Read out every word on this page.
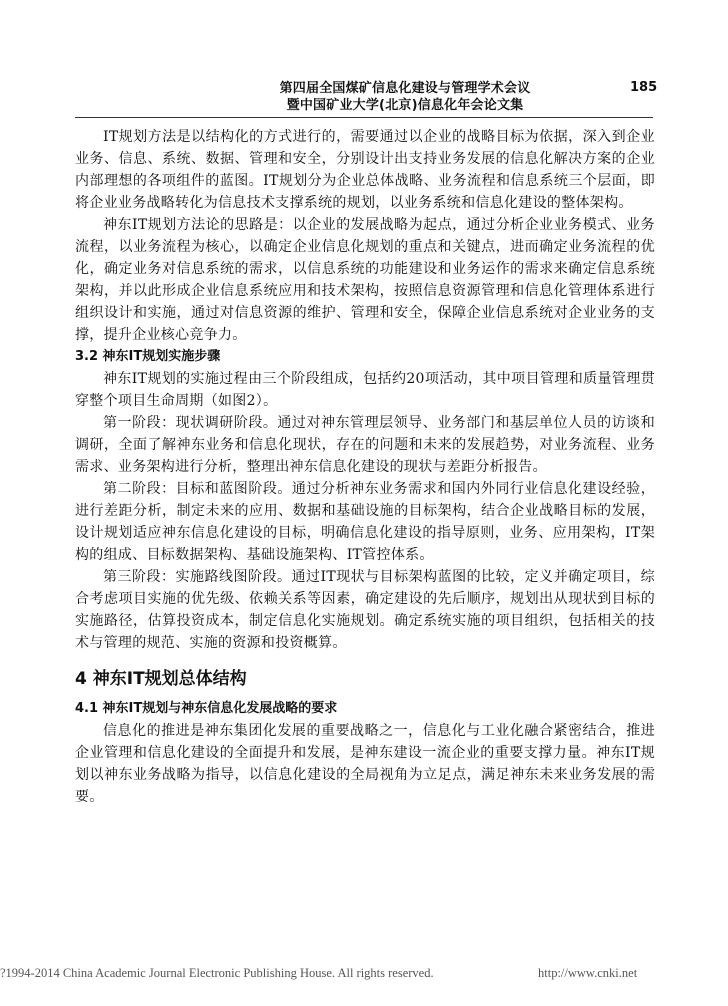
第四届全国煤矿信息化建设与管理学术会议
暨中国矿业大学(北京)信息化年会论文集
185

IT规划方法是以结构化的方式进行的，需要通过以企业的战略目标为依据，深入到企业业务、信息、系统、数据、管理和安全，分别设计出支持业务发展的信息化解决方案的企业内部理想的各项组件的蓝图。IT规划分为企业总体战略、业务流程和信息系统三个层面，即将企业业务战略转化为信息技术支撑系统的规划，以业务系统和信息化建设的整体架构。

神东IT规划方法论的思路是：以企业的发展战略为起点，通过分析企业业务模式、业务流程，以业务流程为核心，以确定企业信息化规划的重点和关键点，进而确定业务流程的优化，确定业务对信息系统的需求，以信息系统的功能建设和业务运作的需求来确定信息系统架构，并以此形成企业信息系统应用和技术架构，按照信息资源管理和信息化管理体系进行组织设计和实施，通过对信息资源的维护、管理和安全，保障企业信息系统对企业业务的支撑，提升企业核心竞争力。

3.2 神东IT规划实施步骤

神东IT规划的实施过程由三个阶段组成，包括约20项活动，其中项目管理和质量管理贯穿整个项目生命周期（如图2）。

第一阶段：现状调研阶段。通过对神东管理层领导、业务部门和基层单位人员的访谈和调研，全面了解神东业务和信息化现状，存在的问题和未来的发展趋势，对业务流程、业务需求、业务架构进行分析，整理出神东信息化建设的现状与差距分析报告。

第二阶段：目标和蓝图阶段。通过分析神东业务需求和国内外同行业信息化建设经验，进行差距分析，制定未来的应用、数据和基础设施的目标架构，结合企业战略目标的发展，设计规划适应神东信息化建设的目标，明确信息化建设的指导原则，业务、应用架构，IT架构的组成、目标数据架构、基础设施架构、IT管控体系。

第三阶段：实施路线图阶段。通过IT现状与目标架构蓝图的比较，定义并确定项目，综合考虑项目实施的优先级、依赖关系等因素，确定建设的先后顺序，规划出从现状到目标的实施路径，估算投资成本，制定信息化实施规划。确定系统实施的项目组织，包括相关的技术与管理的规范、实施的资源和投资概算。

4 神东IT规划总体结构

4.1 神东IT规划与神东信息化发展战略的要求

信息化的推进是神东集团化发展的重要战略之一，信息化与工业化融合紧密结合，推进企业管理和信息化建设的全面提升和发展，是神东建设一流企业的重要支撑力量。神东IT规划以神东业务战略为指导，以信息化建设的全局视角为立足点，满足神东未来业务发展的需要。

?1994-2014 China Academic Journal Electronic Publishing House. All rights reserved.	http://www.cnki.net
